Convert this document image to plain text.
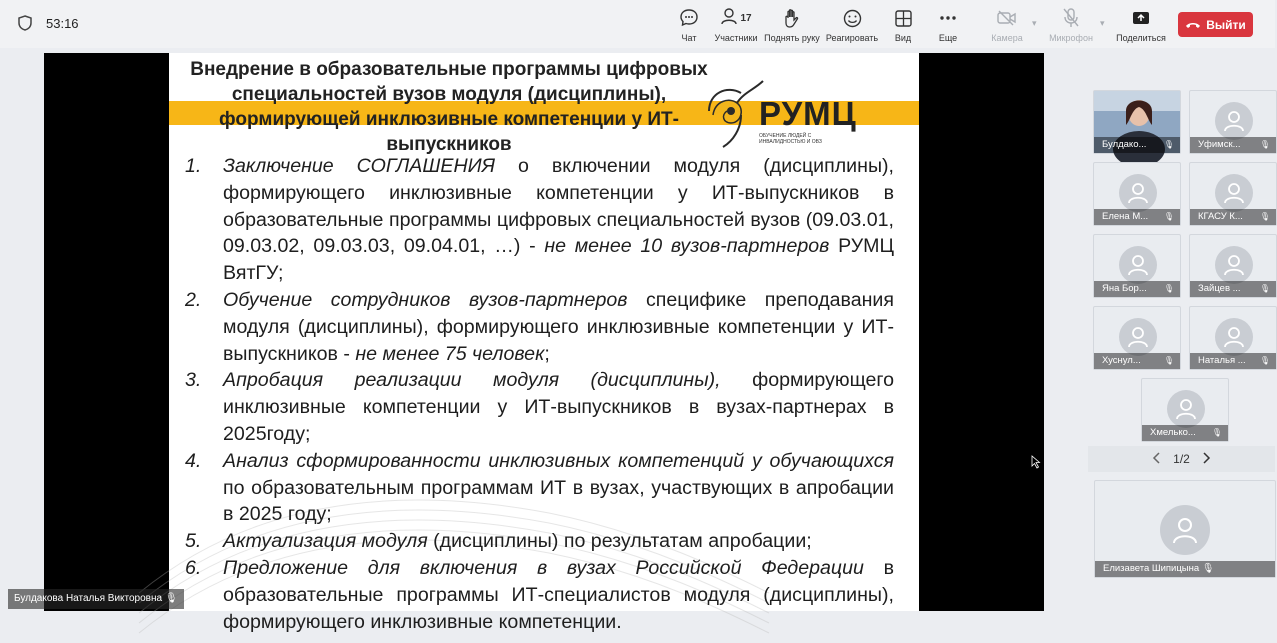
53:16
Чат
17
Участники Поднять руку Реагировать	Вид	Еще	Камера
▾
Микрофон
▾
Поделиться
Выйти
Внедрение в образовательные программы цифровых специальностей вузов модуля (дисциплины), формирующей инклюзивные компетенции у ИТ-выпускников
РУМЦ
ОБУЧЕНИЕ ЛЮДЕЙ С ИНВАЛИДНОСТЬЮ И ОВЗ
1.	Заключение СОГЛАШЕНИЯ о включении модуля (дисциплины), формирующего инклюзивные компетенции у ИТ-выпускников в образовательные программы цифровых специальностей вузов (09.03.01, 09.03.02, 09.03.03, 09.04.01, …) - не менее 10 вузов-партнеров РУМЦ ВятГУ;
2.	Обучение сотрудников вузов-партнеров специфике преподавания модуля (дисциплины), формирующего инклюзивные компетенции у ИТ-выпускников - не менее 75 человек;
3.	Апробация реализации модуля (дисциплины), формирующего инклюзивные компетенции у ИТ-выпускников в вузах-партнерах в 2025году;
4.	Анализ сформированности инклюзивных компетенций у обучающихся по образовательным программам ИТ в вузах, участвующих в апробации в 2025 году;
5.	Актуализация модуля (дисциплины) по результатам апробации;
6.	Предложение для включения в вузах Российской Федерации в образовательные программы ИТ-специалистов модуля (дисциплины), формирующего инклюзивные компетенции.
Булдако... 🎙	Уфимск... 🎙
Елена М... 🎙	КГАСУ К... 🎙
Яна Бор... 🎙	Зайцев ... 🎙
Хуснул...	🎙	Наталья ... 🎙
Хмелько... 🎙
1/2
Елизавета Шипицына 🎙
Булдакова Наталья Викторовна 🎙
